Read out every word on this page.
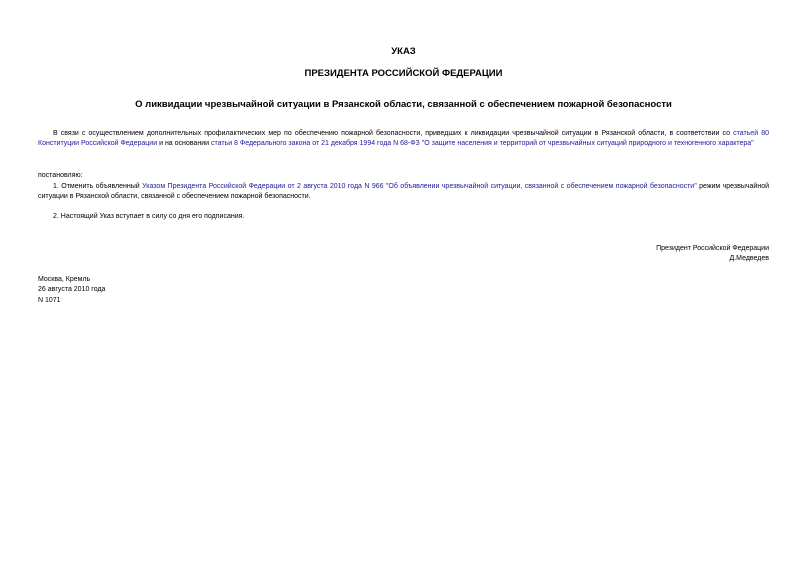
УКАЗ
ПРЕЗИДЕНТА РОССИЙСКОЙ ФЕДЕРАЦИИ
О ликвидации чрезвычайной ситуации в Рязанской области, связанной с обеспечением пожарной безопасности

В связи с осуществлением дополнительных профилактических мер по обеспечению пожарной безопасности, приведших к ликвидации чрезвычайной ситуации в Рязанской области, в соответствии со статьей 80 Конституции Российской Федерации и на основании статьи 8 Федерального закона от 21 декабря 1994 года N 68-ФЗ "О защите населения и территорий от чрезвычайных ситуаций природного и техногенного характера"

постановляю:

1. Отменить объявленный Указом Президента Российской Федерации от 2 августа 2010 года N 966 "Об объявлении чрезвычайной ситуации, связанной с обеспечением пожарной безопасности" режим чрезвычайной ситуации в Рязанской области, связанной с обеспечением пожарной безопасности.

2. Настоящий Указ вступает в силу со дня его подписания.

Президент Российской Федерации
Д.Медведев
Москва, Кремль
26 августа 2010 года
N 1071
